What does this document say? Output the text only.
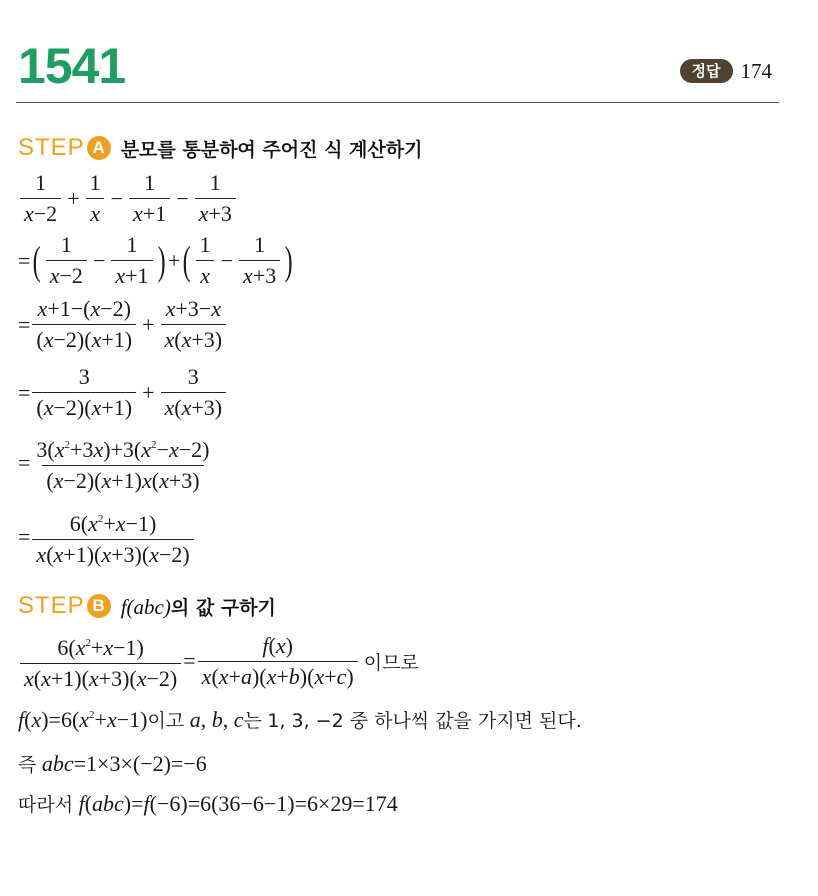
1541	정답 174
STEP A 분모를 통분하여 주어진 식 계산하기
$\frac{1}{x-2} + \frac{1}{x} - \frac{1}{x+1} - \frac{1}{x+3}$
= ( $\frac{1}{x-2} - \frac{1}{x+1}$ ) + ( $\frac{1}{x} - \frac{1}{x+3}$ )
= $\frac{x+1-(x-2)}{(x-2)(x+1)} + \frac{x+3-x}{x(x+3)}$
= $\frac{3}{(x-2)(x+1)} + \frac{3}{x(x+3)}$
= $\frac{3(x^2+3x)+3(x^2-x-2)}{(x-2)(x+1)x(x+3)}$
= $\frac{6(x^2+x-1)}{x(x+1)(x+3)(x-2)}$
STEP B f(abc)의 값 구하기
$\frac{6(x^2+x-1)}{x(x+1)(x+3)(x-2)} = \frac{f(x)}{x(x+a)(x+b)(x+c)}$ 이므로
$f(x)=6(x^2+x-1)$이고 a, b, c는 1, 3, −2 중 하나씩 값을 가지면 된다.
즉 abc=1×3×(−2)=−6
따라서 f(abc)=f(−6)=6(36−6−1)=6×29=174
